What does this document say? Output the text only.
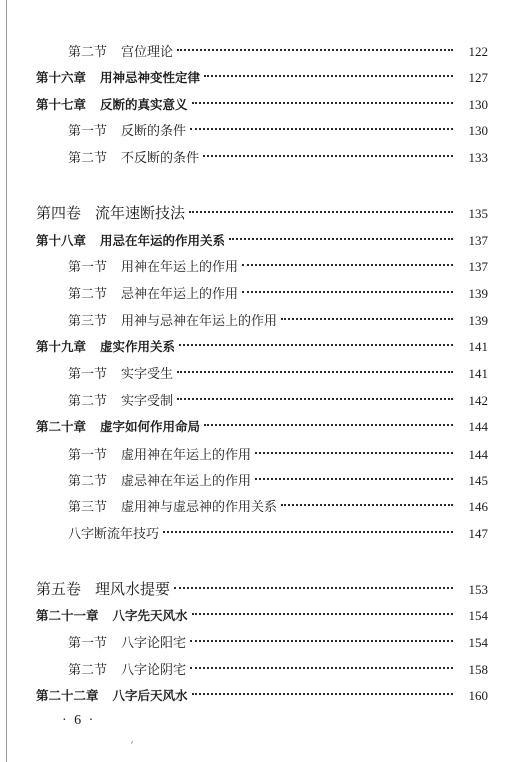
第二节 宫位理论	122
第十六章 用神忌神变性定律	127
第十七章 反断的真实意义	130
第一节 反断的条件	130
第二节 不反断的条件	133
第四卷 流年速断技法	135
第十八章 用忌在年运的作用关系	137
第一节 用神在年运上的作用	137
第二节 忌神在年运上的作用	139
第三节 用神与忌神在年运上的作用	139
第十九章 虚实作用关系	141
第一节 实字受生	141
第二节 实字受制	142
第二十章 虚字如何作用命局	144
第一节 虚用神在年运上的作用	144
第二节 虚忌神在年运上的作用	145
第三节 虚用神与虚忌神的作用关系	146
八字断流年技巧	147
第五卷 理风水提要	153
第二十一章 八字先天风水	154
第一节 八字论阳宅	154
第二节 八字论阴宅	158
第二十二章 八字后天风水	160
· 6 ·
ˊ
